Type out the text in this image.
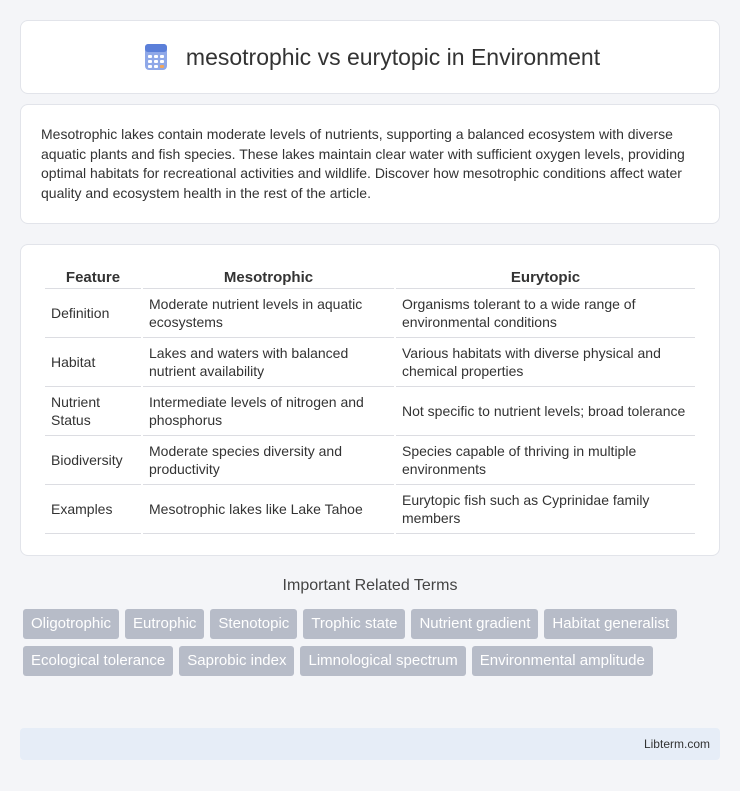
mesotrophic vs eurytopic in Environment

Mesotrophic lakes contain moderate levels of nutrients, supporting a balanced ecosystem with diverse aquatic plants and fish species. These lakes maintain clear water with sufficient oxygen levels, providing optimal habitats for recreational activities and wildlife. Discover how mesotrophic conditions affect water quality and ecosystem health in the rest of the article.

Feature	Mesotrophic	Eurytopic
Definition	Moderate nutrient levels in aquatic ecosystems	Organisms tolerant to a wide range of environmental conditions
Habitat	Lakes and waters with balanced nutrient availability	Various habitats with diverse physical and chemical properties
Nutrient Status	Intermediate levels of nitrogen and phosphorus	Not specific to nutrient levels; broad tolerance
Biodiversity	Moderate species diversity and productivity	Species capable of thriving in multiple environments
Examples	Mesotrophic lakes like Lake Tahoe	Eurytopic fish such as Cyprinidae family members
Important Related Terms
Oligotrophic	Eutrophic	Stenotopic	Trophic state	Nutrient gradient	Habitat generalist
Ecological tolerance	Saprobic index	Limnological spectrum	Environmental amplitude
Libterm.com
